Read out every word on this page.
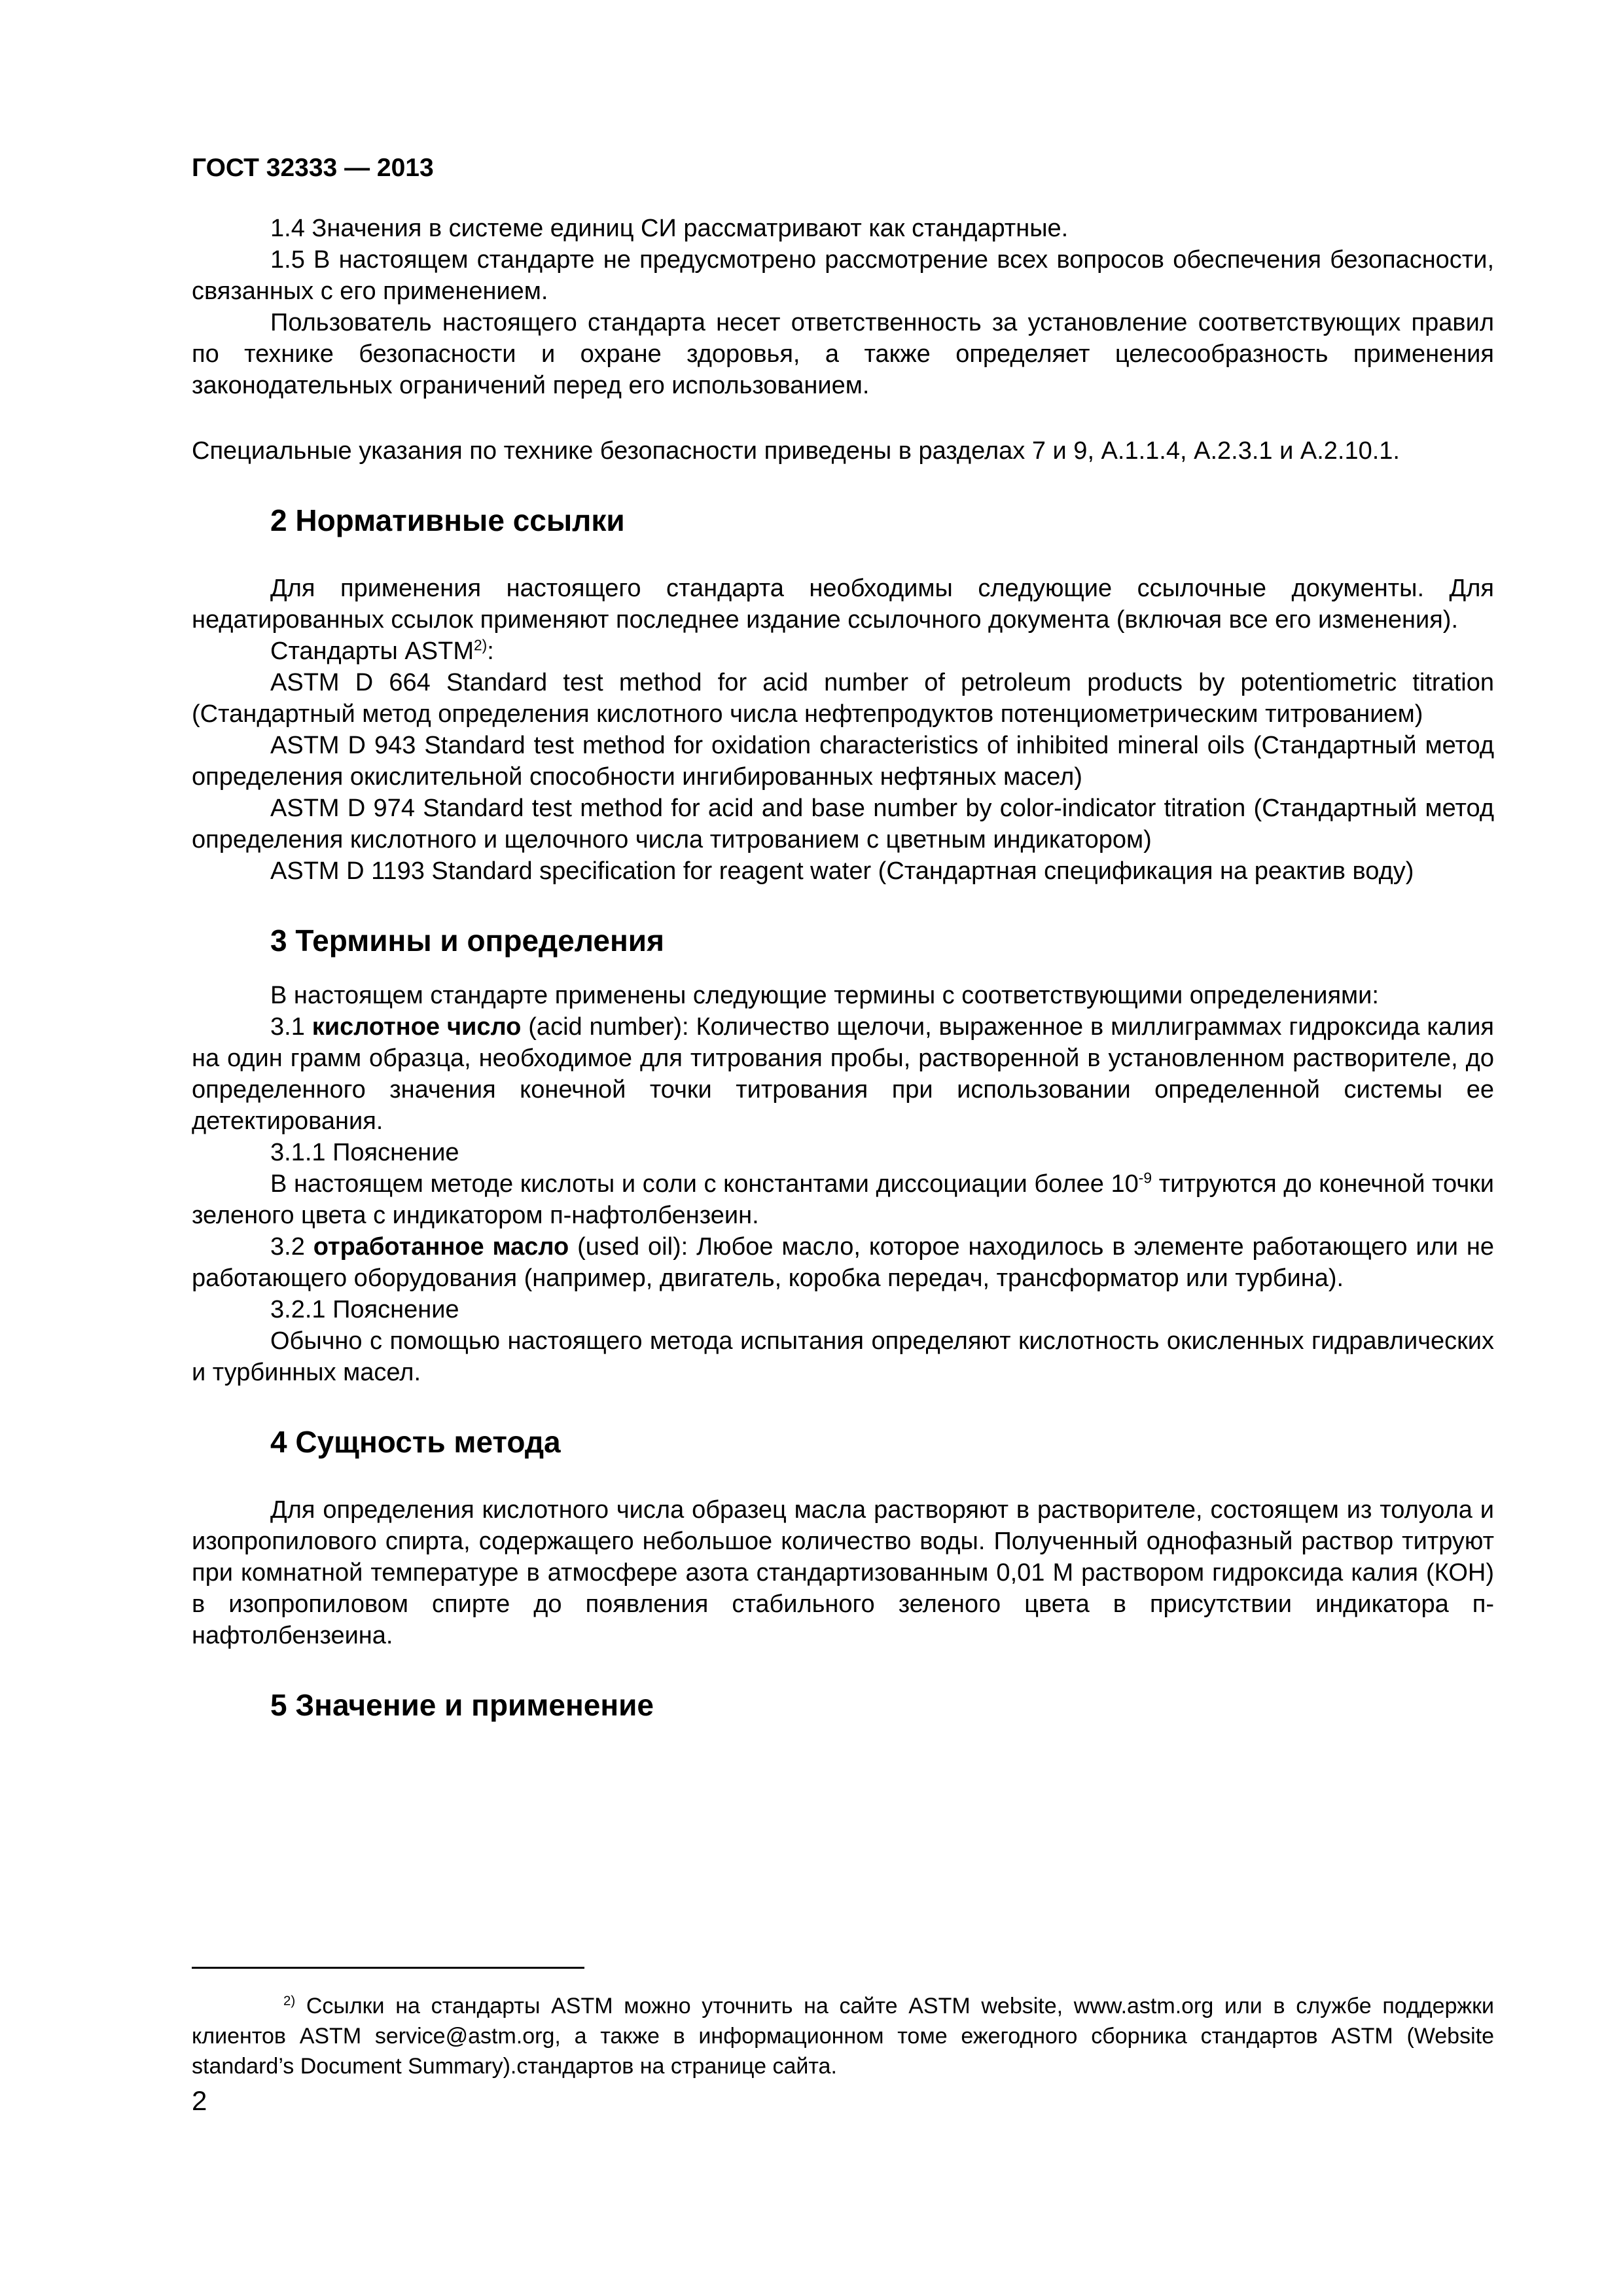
ГОСТ 32333 — 2013

1.4 Значения в системе единиц СИ рассматривают как стандартные.

1.5 В настоящем стандарте не предусмотрено рассмотрение всех вопросов обеспечения безопасности, связанных с его применением.

Пользователь настоящего стандарта несет ответственность за установление соответствующих правил по технике безопасности и охране здоровья, а также определяет целесообразность применения законодательных ограничений перед его использованием.

Специальные указания по технике безопасности приведены в разделах 7 и 9, А.1.1.4, А.2.3.1 и А.2.10.1.

2 Нормативные ссылки

Для применения настоящего стандарта необходимы следующие ссылочные документы. Для недатированных ссылок применяют последнее издание ссылочного документа (включая все его изменения).

Стандарты ASTM$^{2)}$:

ASTM D 664 Standard test method for acid number of petroleum products by potentiometric titration (Стандартный метод определения кислотного числа нефтепродуктов потенциометрическим титрованием)

ASTM D 943 Standard test method for oxidation characteristics of inhibited mineral oils (Стандартный метод определения окислительной способности ингибированных нефтяных масел)

ASTM D 974 Standard test method for acid and base number by color-indicator titration (Стандартный метод определения кислотного и щелочного числа титрованием с цветным индикатором)

ASTM D 1193 Standard specification for reagent water (Стандартная спецификация на реактив воду)

3 Термины и определения

В настоящем стандарте применены следующие термины с соответствующими определениями:

3.1 кислотное число (acid number): Количество щелочи, выраженное в миллиграммах гидроксида калия на один грамм образца, необходимое для титрования пробы, растворенной в установленном растворителе, до определенного значения конечной точки титрования при использовании определенной системы ее детектирования.

3.1.1 Пояснение

В настоящем методе кислоты и соли с константами диссоциации более $10^{-9}$ титруются до конечной точки зеленого цвета с индикатором п-нафтолбензеин.

3.2 отработанное масло (used oil): Любое масло, которое находилось в элементе работающего или не работающего оборудования (например, двигатель, коробка передач, трансформатор или турбина).

3.2.1 Пояснение

Обычно с помощью настоящего метода испытания определяют кислотность окисленных гидравлических и турбинных масел.

4 Сущность метода

Для определения кислотного числа образец масла растворяют в растворителе, состоящем из толуола и изопропилового спирта, содержащего небольшое количество воды. Полученный однофазный раствор титруют при комнатной температуре в атмосфере азота стандартизованным 0,01 М раствором гидроксида калия (КОН) в изопропиловом спирте до появления стабильного зеленого цвета в присутствии индикатора п-нафтолбензеина.

5 Значение и применение

$^{2)}$ Ссылки на стандарты ASTM можно уточнить на сайте ASTM website, www.astm.org или в службе поддержки клиентов ASTM service@astm.org, а также в информационном томе ежегодного сборника стандартов ASTM (Website standard’s Document Summary).стандартов на странице сайта.

2
